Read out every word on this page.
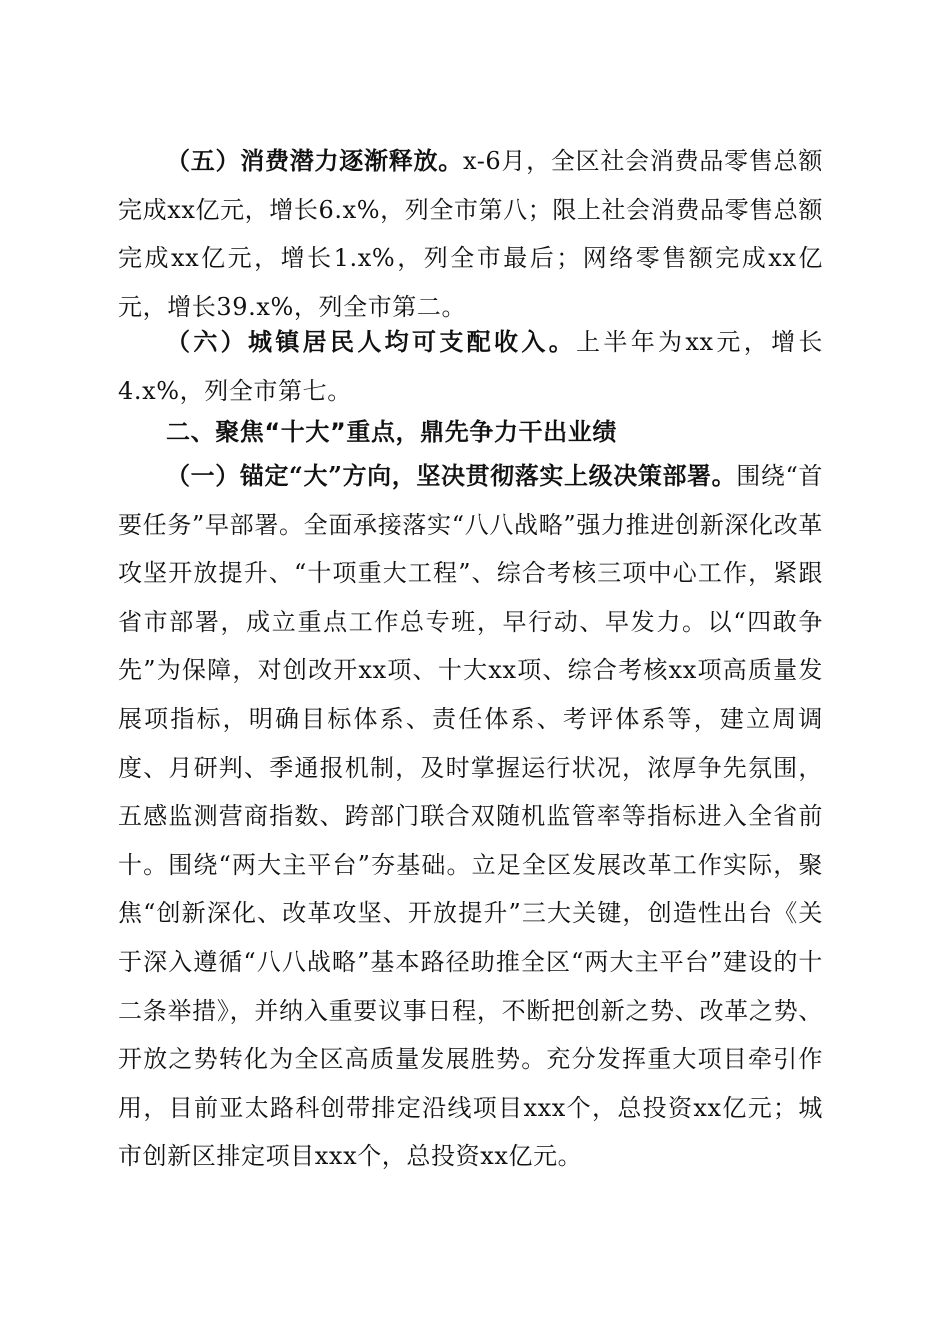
（五）消费潜力逐渐释放。x-6月，全区社会消费品零售总额完成xx亿元，增长6.x%，列全市第八；限上社会消费品零售总额完成xx亿元，增长1.x%，列全市最后；网络零售额完成xx亿元，增长39.x%，列全市第二。

（六）城镇居民人均可支配收入。上半年为xx元，增长4.x%，列全市第七。

二、聚焦“十大”重点，鼎先争力干出业绩

（一）锚定“大”方向，坚决贯彻落实上级决策部署。围绕“首要任务”早部署。全面承接落实“八八战略”强力推进创新深化改革攻坚开放提升、“十项重大工程”、综合考核三项中心工作，紧跟省市部署，成立重点工作总专班，早行动、早发力。以“四敢争先”为保障，对创改开xx项、十大xx项、综合考核xx项高质量发展项指标，明确目标体系、责任体系、考评体系等，建立周调度、月研判、季通报机制，及时掌握运行状况，浓厚争先氛围，五感监测营商指数、跨部门联合双随机监管率等指标进入全省前十。围绕“两大主平台”夯基础。立足全区发展改革工作实际，聚焦“创新深化、改革攻坚、开放提升”三大关键，创造性出台《关于深入遵循“八八战略”基本路径助推全区“两大主平台”建设的十二条举措》，并纳入重要议事日程，不断把创新之势、改革之势、开放之势转化为全区高质量发展胜势。充分发挥重大项目牵引作用，目前亚太路科创带排定沿线项目xxx个，总投资xx亿元；城市创新区排定项目xxx个，总投资xx亿元。
